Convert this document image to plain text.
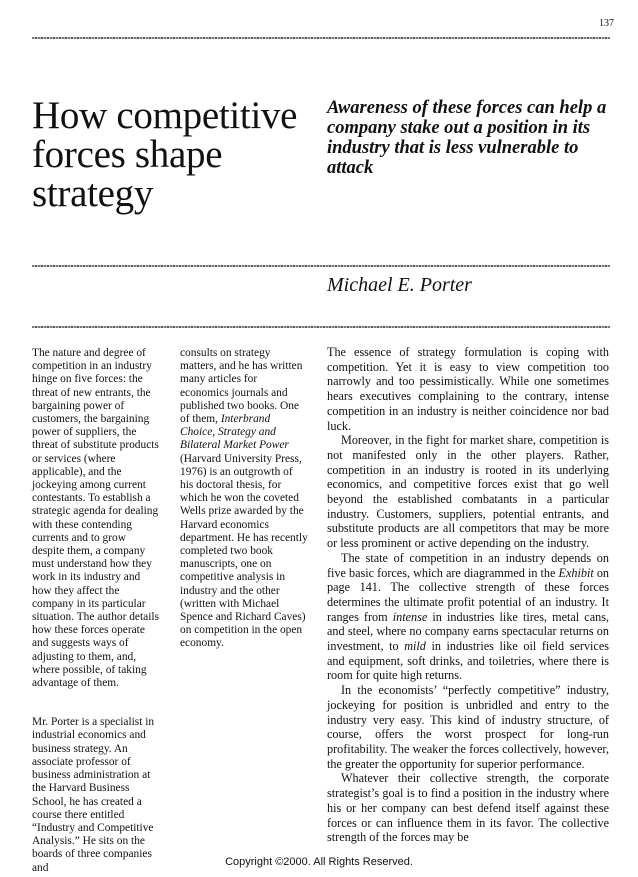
137
How competitive forces shape strategy
Awareness of these forces can help a company stake out a position in its industry that is less vulnerable to attack
Michael E. Porter

The nature and degree of competition in an industry hinge on five forces: the threat of new entrants, the bargaining power of customers, the bargaining power of suppliers, the threat of substitute products or services (where applicable), and the jockeying among current contestants. To establish a strategic agenda for dealing with these contending currents and to grow despite them, a company must understand how they work in its industry and how they affect the company in its particular situation. The author details how these forces operate and suggests ways of adjusting to them, and, where possible, of taking advantage of them.

Mr. Porter is a specialist in industrial economics and business strategy. An associate professor of business administration at the Harvard Business School, he has created a course there entitled “Industry and Competitive Analysis.” He sits on the boards of three companies and

consults on strategy matters, and he has written many articles for economics journals and published two books. One of them, Interbrand Choice, Strategy and Bilateral Market Power (Harvard University Press, 1976) is an outgrowth of his doctoral thesis, for which he won the coveted Wells prize awarded by the Harvard economics department. He has recently completed two book manuscripts, one on competitive analysis in industry and the other (written with Michael Spence and Richard Caves) on competition in the open economy.

The essence of strategy formulation is coping with competition. Yet it is easy to view competition too narrowly and too pessimistically. While one sometimes hears executives complaining to the contrary, intense competition in an industry is neither coincidence nor bad luck.

Moreover, in the fight for market share, competition is not manifested only in the other players. Rather, competition in an industry is rooted in its underlying economics, and competitive forces exist that go well beyond the established combatants in a particular industry. Customers, suppliers, potential entrants, and substitute products are all competitors that may be more or less prominent or active depending on the industry.

The state of competition in an industry depends on five basic forces, which are diagrammed in the Exhibit on page 141. The collective strength of these forces determines the ultimate profit potential of an industry. It ranges from intense in industries like tires, metal cans, and steel, where no company earns spectacular returns on investment, to mild in industries like oil field services and equipment, soft drinks, and toiletries, where there is room for quite high returns.

In the economists’ “perfectly competitive” industry, jockeying for position is unbridled and entry to the industry very easy. This kind of industry structure, of course, offers the worst prospect for long-run profitability. The weaker the forces collectively, however, the greater the opportunity for superior performance.

Whatever their collective strength, the corporate strategist’s goal is to find a position in the industry where his or her company can best defend itself against these forces or can influence them in its favor. The collective strength of the forces may be

Copyright ©2000. All Rights Reserved.
